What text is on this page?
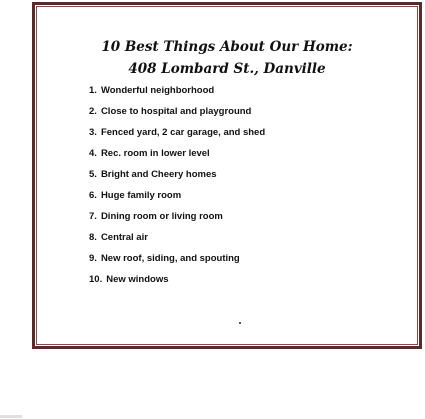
10 Best Things About Our Home:
408 Lombard St., Danville
1. Wonderful neighborhood
2. Close to hospital and playground
3. Fenced yard, 2 car garage, and shed
4. Rec. room in lower level
5. Bright and Cheery homes
6. Huge family room
7. Dining room or living room
8. Central air
9. New roof, siding, and spouting
10. New windows
